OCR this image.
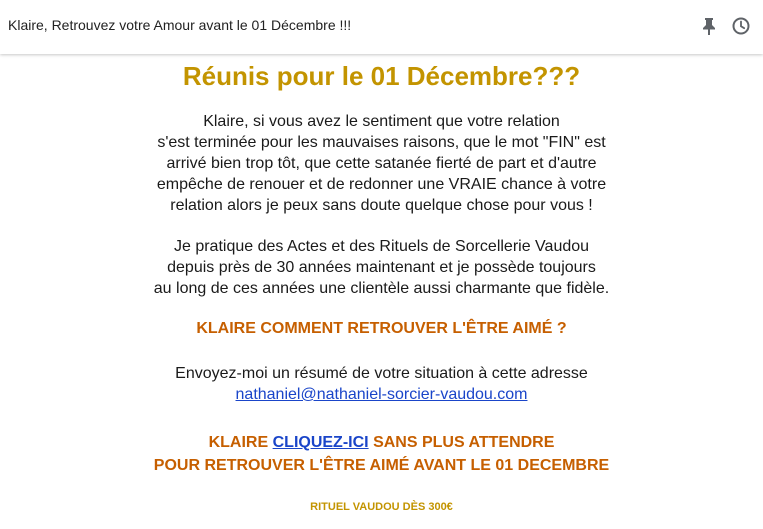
Klaire, Retrouvez votre Amour avant le 01 Décembre !!!
Réunis pour le 01 Décembre???
Klaire, si vous avez le sentiment que votre relation
s'est terminée pour les mauvaises raisons, que le mot "FIN" est
arrivé bien trop tôt, que cette satanée fierté de part et d'autre
empêche de renouer et de redonner une VRAIE chance à votre
relation alors je peux sans doute quelque chose pour vous !
Je pratique des Actes et des Rituels de Sorcellerie Vaudou
depuis près de 30 années maintenant et je possède toujours
au long de ces années une clientèle aussi charmante que fidèle.
KLAIRE COMMENT RETROUVER L'ÊTRE AIMÉ ?
Envoyez-moi un résumé de votre situation à cette adresse
nathaniel@nathaniel-sorcier-vaudou.com
KLAIRE CLIQUEZ-ICI SANS PLUS ATTENDRE
POUR RETROUVER L'ÊTRE AIMÉ AVANT LE 01 DECEMBRE
RITUEL VAUDOU DÈS 300€
